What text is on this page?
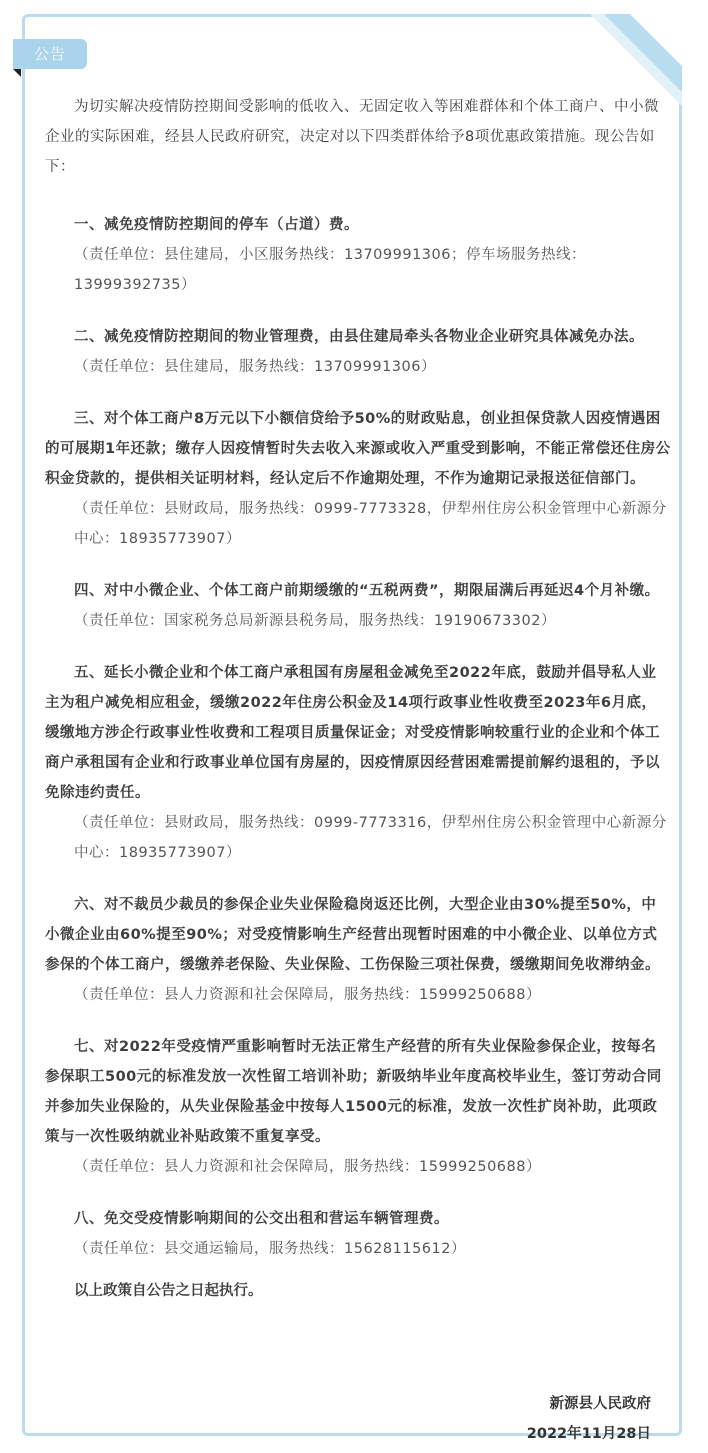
公告

为切实解决疫情防控期间受影响的低收入、无固定收入等困难群体和个体工商户、中小微企业的实际困难，经县人民政府研究，决定对以下四类群体给予8项优惠政策措施。现公告如下：

一、减免疫情防控期间的停车（占道）费。

（责任单位：县住建局，小区服务热线：13709991306；停车场服务热线：13999392735）

二、减免疫情防控期间的物业管理费，由县住建局牵头各物业企业研究具体减免办法。

（责任单位：县住建局，服务热线：13709991306）

三、对个体工商户8万元以下小额信贷给予50%的财政贴息，创业担保贷款人因疫情遇困的可展期1年还款；缴存人因疫情暂时失去收入来源或收入严重受到影响，不能正常偿还住房公积金贷款的，提供相关证明材料，经认定后不作逾期处理，不作为逾期记录报送征信部门。

（责任单位：县财政局，服务热线：0999-7773328，伊犁州住房公积金管理中心新源分中心：18935773907）

四、对中小微企业、个体工商户前期缓缴的“五税两费”，期限届满后再延迟4个月补缴。

（责任单位：国家税务总局新源县税务局，服务热线：19190673302）

五、延长小微企业和个体工商户承租国有房屋租金减免至2022年底，鼓励并倡导私人业主为租户减免相应租金，缓缴2022年住房公积金及14项行政事业性收费至2023年6月底，缓缴地方涉企行政事业性收费和工程项目质量保证金；对受疫情影响较重行业的企业和个体工商户承租国有企业和行政事业单位国有房屋的，因疫情原因经营困难需提前解约退租的，予以免除违约责任。

（责任单位：县财政局，服务热线：0999-7773316，伊犁州住房公积金管理中心新源分中心：18935773907）

六、对不裁员少裁员的参保企业失业保险稳岗返还比例，大型企业由30%提至50%，中小微企业由60%提至90%；对受疫情影响生产经营出现暂时困难的中小微企业、以单位方式参保的个体工商户，缓缴养老保险、失业保险、工伤保险三项社保费，缓缴期间免收滞纳金。

（责任单位：县人力资源和社会保障局，服务热线：15999250688）

七、对2022年受疫情严重影响暂时无法正常生产经营的所有失业保险参保企业，按每名参保职工500元的标准发放一次性留工培训补助；新吸纳毕业年度高校毕业生，签订劳动合同并参加失业保险的，从失业保险基金中按每人1500元的标准，发放一次性扩岗补助，此项政策与一次性吸纳就业补贴政策不重复享受。

（责任单位：县人力资源和社会保障局，服务热线：15999250688）

八、免交受疫情影响期间的公交出租和营运车辆管理费。

（责任单位：县交通运输局，服务热线：15628115612）

以上政策自公告之日起执行。

新源县人民政府
2022年11月28日
